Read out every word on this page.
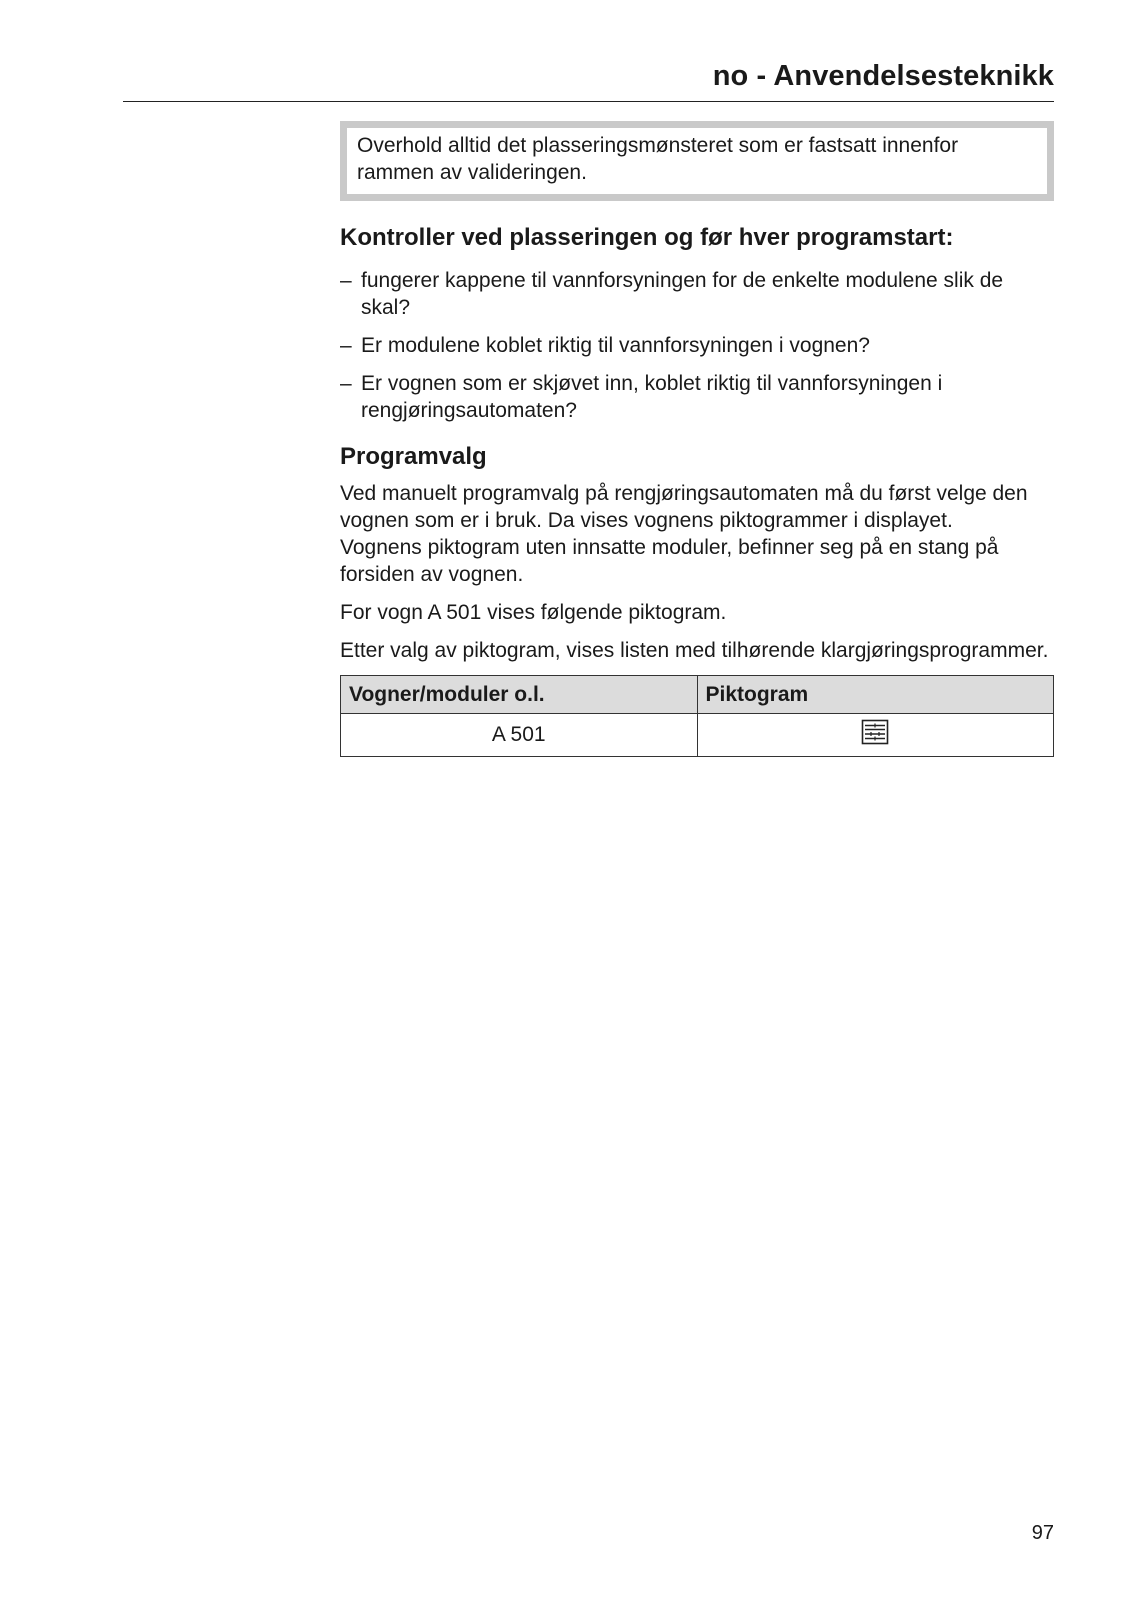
no - Anvendelsesteknikk
Overhold alltid det plasseringsmønsteret som er fastsatt innenfor rammen av valideringen.
Kontroller ved plasseringen og før hver programstart:
– fungerer kappene til vannforsyningen for de enkelte modulene slik de skal?
– Er modulene koblet riktig til vannforsyningen i vognen?
– Er vognen som er skjøvet inn, koblet riktig til vannforsyningen i rengjøringsautomaten?
Programvalg

Ved manuelt programvalg på rengjøringsautomaten må du først velge den vognen som er i bruk. Da vises vognens piktogrammer i displayet.
Vognens piktogram uten innsatte moduler, befinner seg på en stang på forsiden av vognen.

For vogn A 501 vises følgende piktogram.

Etter valg av piktogram, vises listen med tilhørende klargjøringsprogrammer.

Vogner/moduler o.l.	Piktogram
A 501	
97
